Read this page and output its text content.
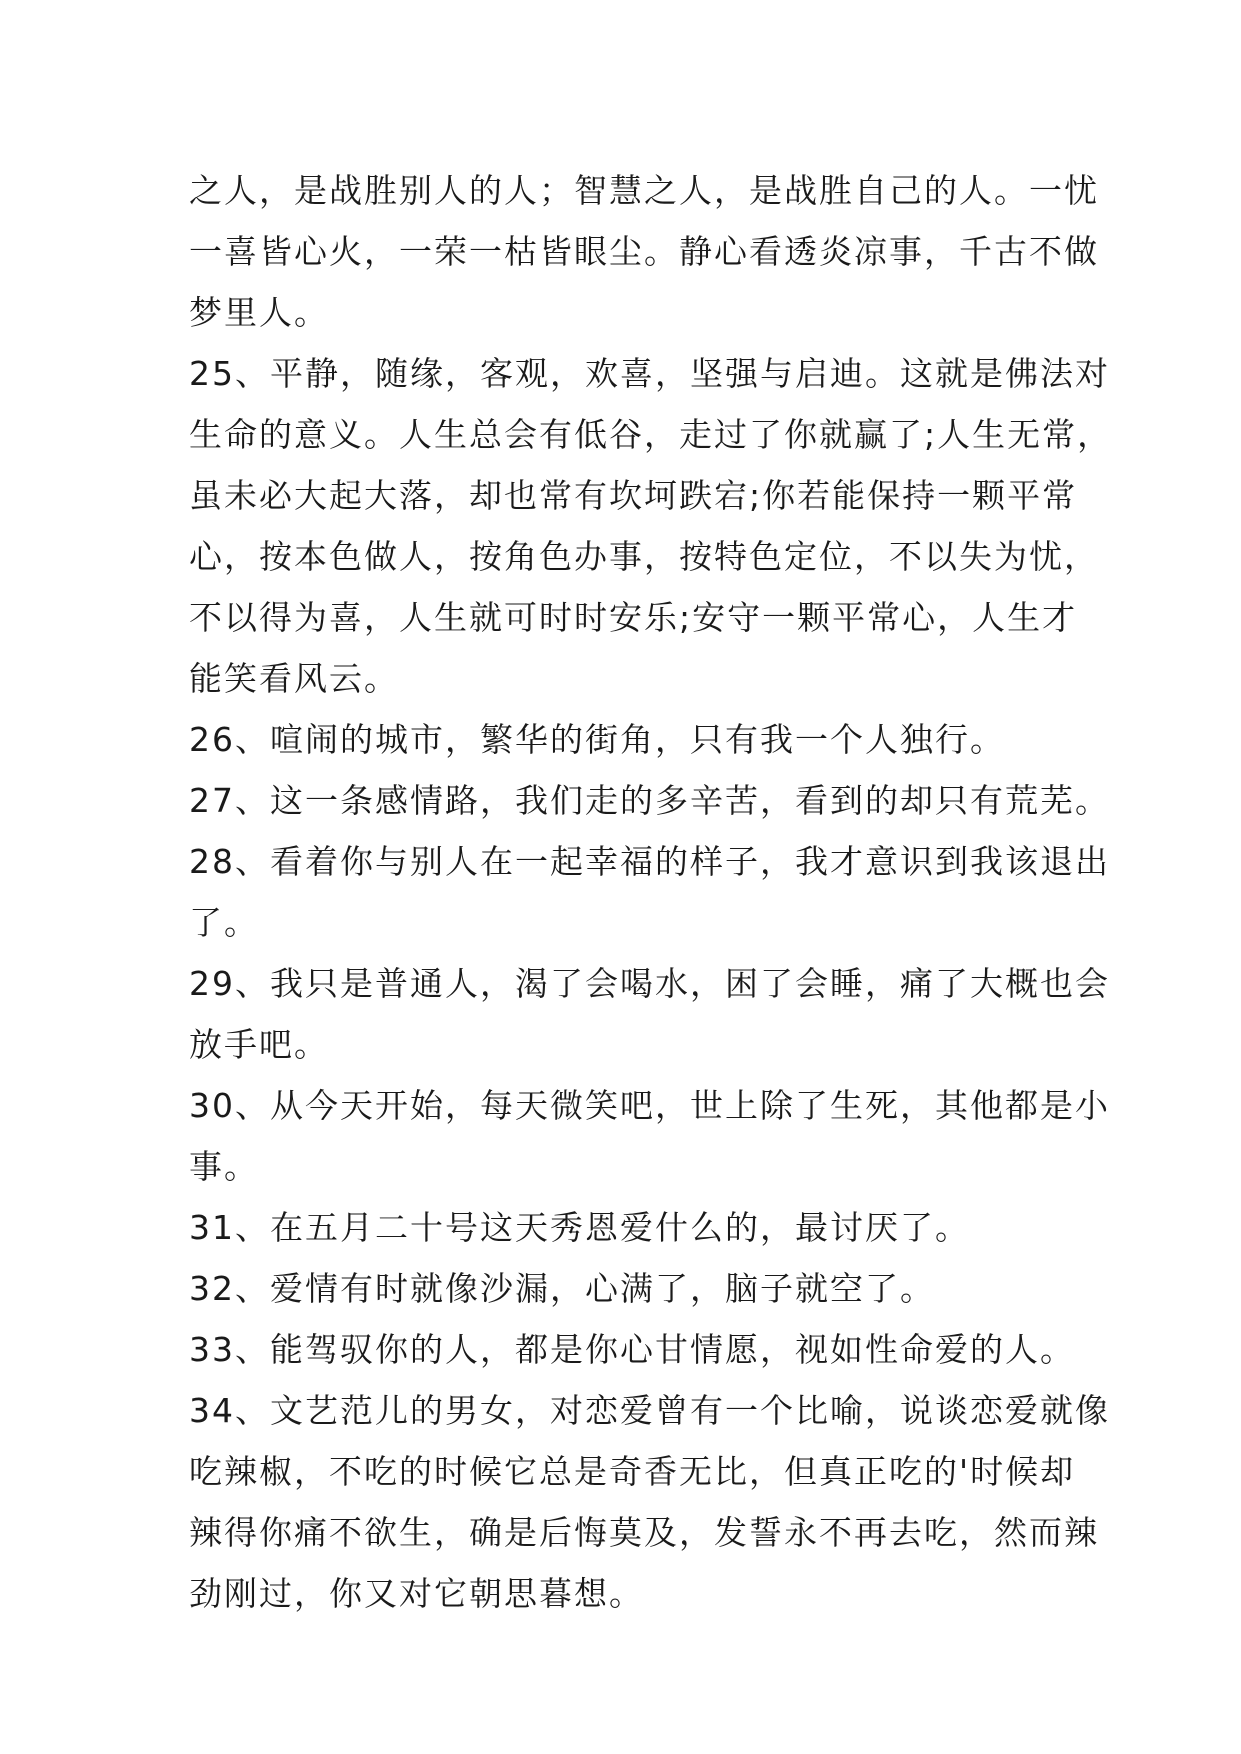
之人，是战胜别人的人；智慧之人，是战胜自己的人。一忧
一喜皆心火，一荣一枯皆眼尘。静心看透炎凉事，千古不做
梦里人。
25、平静，随缘，客观，欢喜，坚强与启迪。这就是佛法对
生命的意义。人生总会有低谷，走过了你就赢了;人生无常，
虽未必大起大落，却也常有坎坷跌宕;你若能保持一颗平常
心，按本色做人，按角色办事，按特色定位，不以失为忧，
不以得为喜，人生就可时时安乐;安守一颗平常心，人生才
能笑看风云。
26、喧闹的城市，繁华的街角，只有我一个人独行。
27、这一条感情路，我们走的多辛苦，看到的却只有荒芜。
28、看着你与别人在一起幸福的样子，我才意识到我该退出
了。
29、我只是普通人，渴了会喝水，困了会睡，痛了大概也会
放手吧。
30、从今天开始，每天微笑吧，世上除了生死，其他都是小
事。
31、在五月二十号这天秀恩爱什么的，最讨厌了。
32、爱情有时就像沙漏，心满了，脑子就空了。
33、能驾驭你的人，都是你心甘情愿，视如性命爱的人。
34、文艺范儿的男女，对恋爱曾有一个比喻，说谈恋爱就像
吃辣椒，不吃的时候它总是奇香无比，但真正吃的'时候却
辣得你痛不欲生，确是后悔莫及，发誓永不再去吃，然而辣
劲刚过，你又对它朝思暮想。
